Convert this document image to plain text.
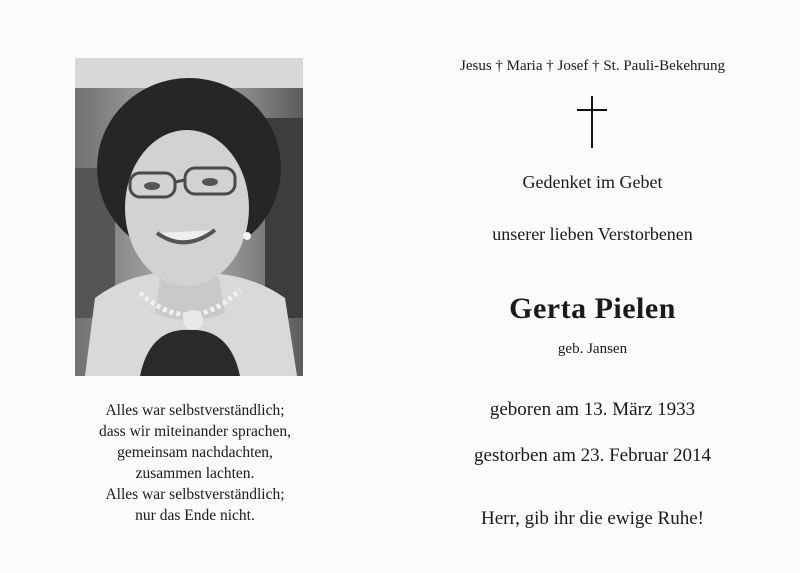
Alles war selbstverständlich;
dass wir miteinander sprachen,
gemeinsam nachdachten,
zusammen lachten.
Alles war selbstverständlich;
nur das Ende nicht.
Jesus † Maria † Josef † St. Pauli-Bekehrung
Gedenket im Gebet
unserer lieben Verstorbenen
Gerta Pielen
geb. Jansen
geboren am 13. März 1933
gestorben am 23. Februar 2014
Herr, gib ihr die ewige Ruhe!
